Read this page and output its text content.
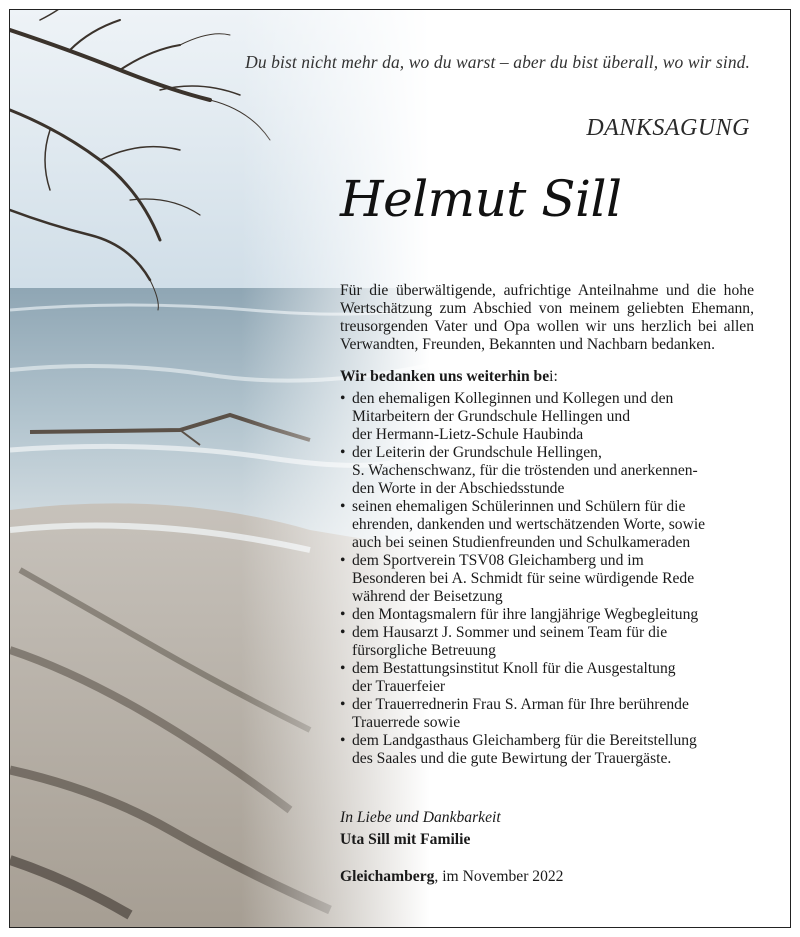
Du bist nicht mehr da, wo du warst – aber du bist überall, wo wir sind.
DANKSAGUNG
Helmut Sill

Für die überwältigende, aufrichtige Anteilnahme und die hohe Wertschätzung zum Abschied von meinem geliebten Ehemann, treusorgenden Vater und Opa wollen wir uns herzlich bei allen Verwandten, Freunden, Bekannten und Nachbarn bedanken.

Wir bedanken uns weiterhin bei:
• den ehemaligen Kolleginnen und Kollegen und den
Mitarbeitern der Grundschule Hellingen und
der Hermann-Lietz-Schule Haubinda
• der Leiterin der Grundschule Hellingen,
S. Wachenschwanz, für die tröstenden und anerkennen-
den Worte in der Abschiedsstunde
• seinen ehemaligen Schülerinnen und Schülern für die
ehrenden, dankenden und wertschätzenden Worte, sowie
auch bei seinen Studienfreunden und Schulkameraden
• dem Sportverein TSV08 Gleichamberg und im
Besonderen bei A. Schmidt für seine würdigende Rede
während der Beisetzung
• den Montagsmalern für ihre langjährige Wegbegleitung
• dem Hausarzt J. Sommer und seinem Team für die
fürsorgliche Betreuung
• dem Bestattungsinstitut Knoll für die Ausgestaltung
der Trauerfeier
• der Trauerrednerin Frau S. Arman für Ihre berührende
Trauerrede sowie
• dem Landgasthaus Gleichamberg für die Bereitstellung
des Saales und die gute Bewirtung der Trauergäste.
In Liebe und Dankbarkeit
Uta Sill mit Familie
Gleichamberg, im November 2022
